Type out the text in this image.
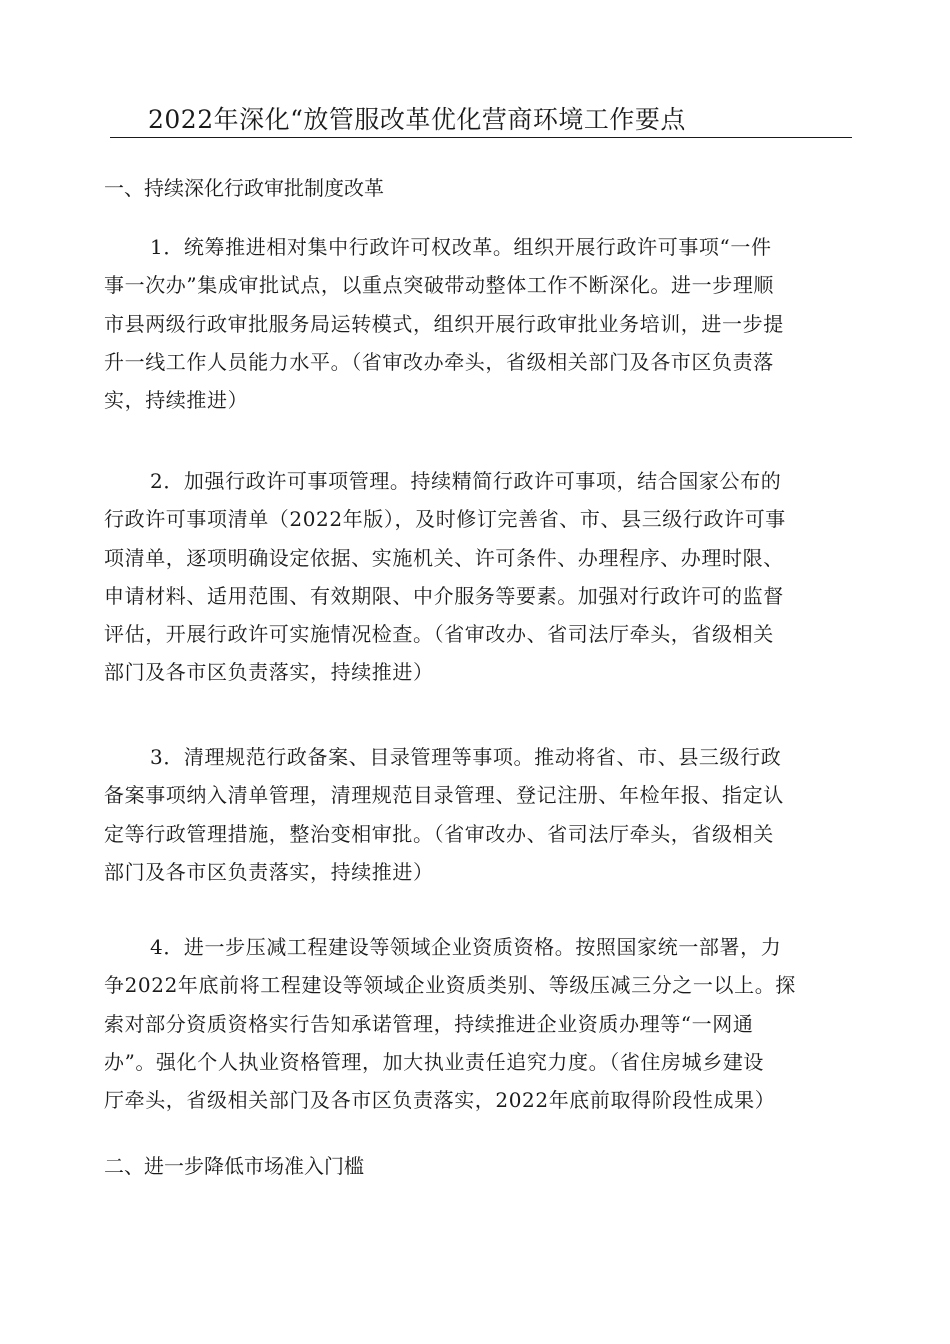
2022年深化“放管服改革优化营商环境工作要点
一、持续深化行政审批制度改革
1．统筹推进相对集中行政许可权改革。组织开展行政许可事项“一件
事一次办”集成审批试点，以重点突破带动整体工作不断深化。进一步理顺
市县两级行政审批服务局运转模式，组织开展行政审批业务培训，进一步提
升一线工作人员能力水平。（省审改办牵头，省级相关部门及各市区负责落
实，持续推进）
2．加强行政许可事项管理。持续精简行政许可事项，结合国家公布的
行政许可事项清单（2022年版），及时修订完善省、市、县三级行政许可事
项清单，逐项明确设定依据、实施机关、许可条件、办理程序、办理时限、
申请材料、适用范围、有效期限、中介服务等要素。加强对行政许可的监督
评估，开展行政许可实施情况检查。（省审改办、省司法厅牵头，省级相关
部门及各市区负责落实，持续推进）
3．清理规范行政备案、目录管理等事项。推动将省、市、县三级行政
备案事项纳入清单管理，清理规范目录管理、登记注册、年检年报、指定认
定等行政管理措施，整治变相审批。（省审改办、省司法厅牵头，省级相关
部门及各市区负责落实，持续推进）
4．进一步压减工程建设等领域企业资质资格。按照国家统一部署，力
争2022年底前将工程建设等领域企业资质类别、等级压减三分之一以上。探
索对部分资质资格实行告知承诺管理，持续推进企业资质办理等“一网通
办”。强化个人执业资格管理，加大执业责任追究力度。（省住房城乡建设
厅牵头，省级相关部门及各市区负责落实，2022年底前取得阶段性成果）
二、进一步降低市场准入门槛
